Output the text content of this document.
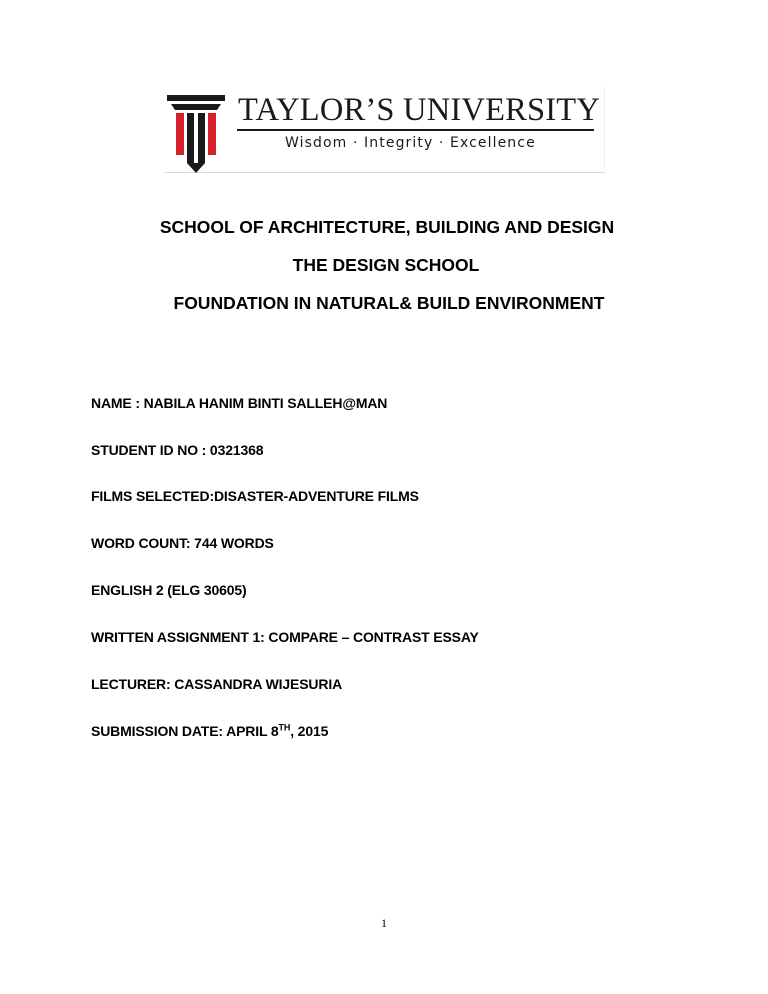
TAYLOR’S UNIVERSITY
Wisdom · Integrity · Excellence
SCHOOL OF ARCHITECTURE, BUILDING AND DESIGN
THE DESIGN SCHOOL
FOUNDATION IN NATURAL& BUILD ENVIRONMENT
NAME : NABILA HANIM BINTI SALLEH@MAN
STUDENT ID NO : 0321368
FILMS SELECTED:DISASTER-ADVENTURE FILMS
WORD COUNT: 744 WORDS
ENGLISH 2 (ELG 30605)
WRITTEN ASSIGNMENT 1: COMPARE – CONTRAST ESSAY
LECTURER: CASSANDRA WIJESURIA
SUBMISSION DATE: APRIL 8TH, 2015
1
